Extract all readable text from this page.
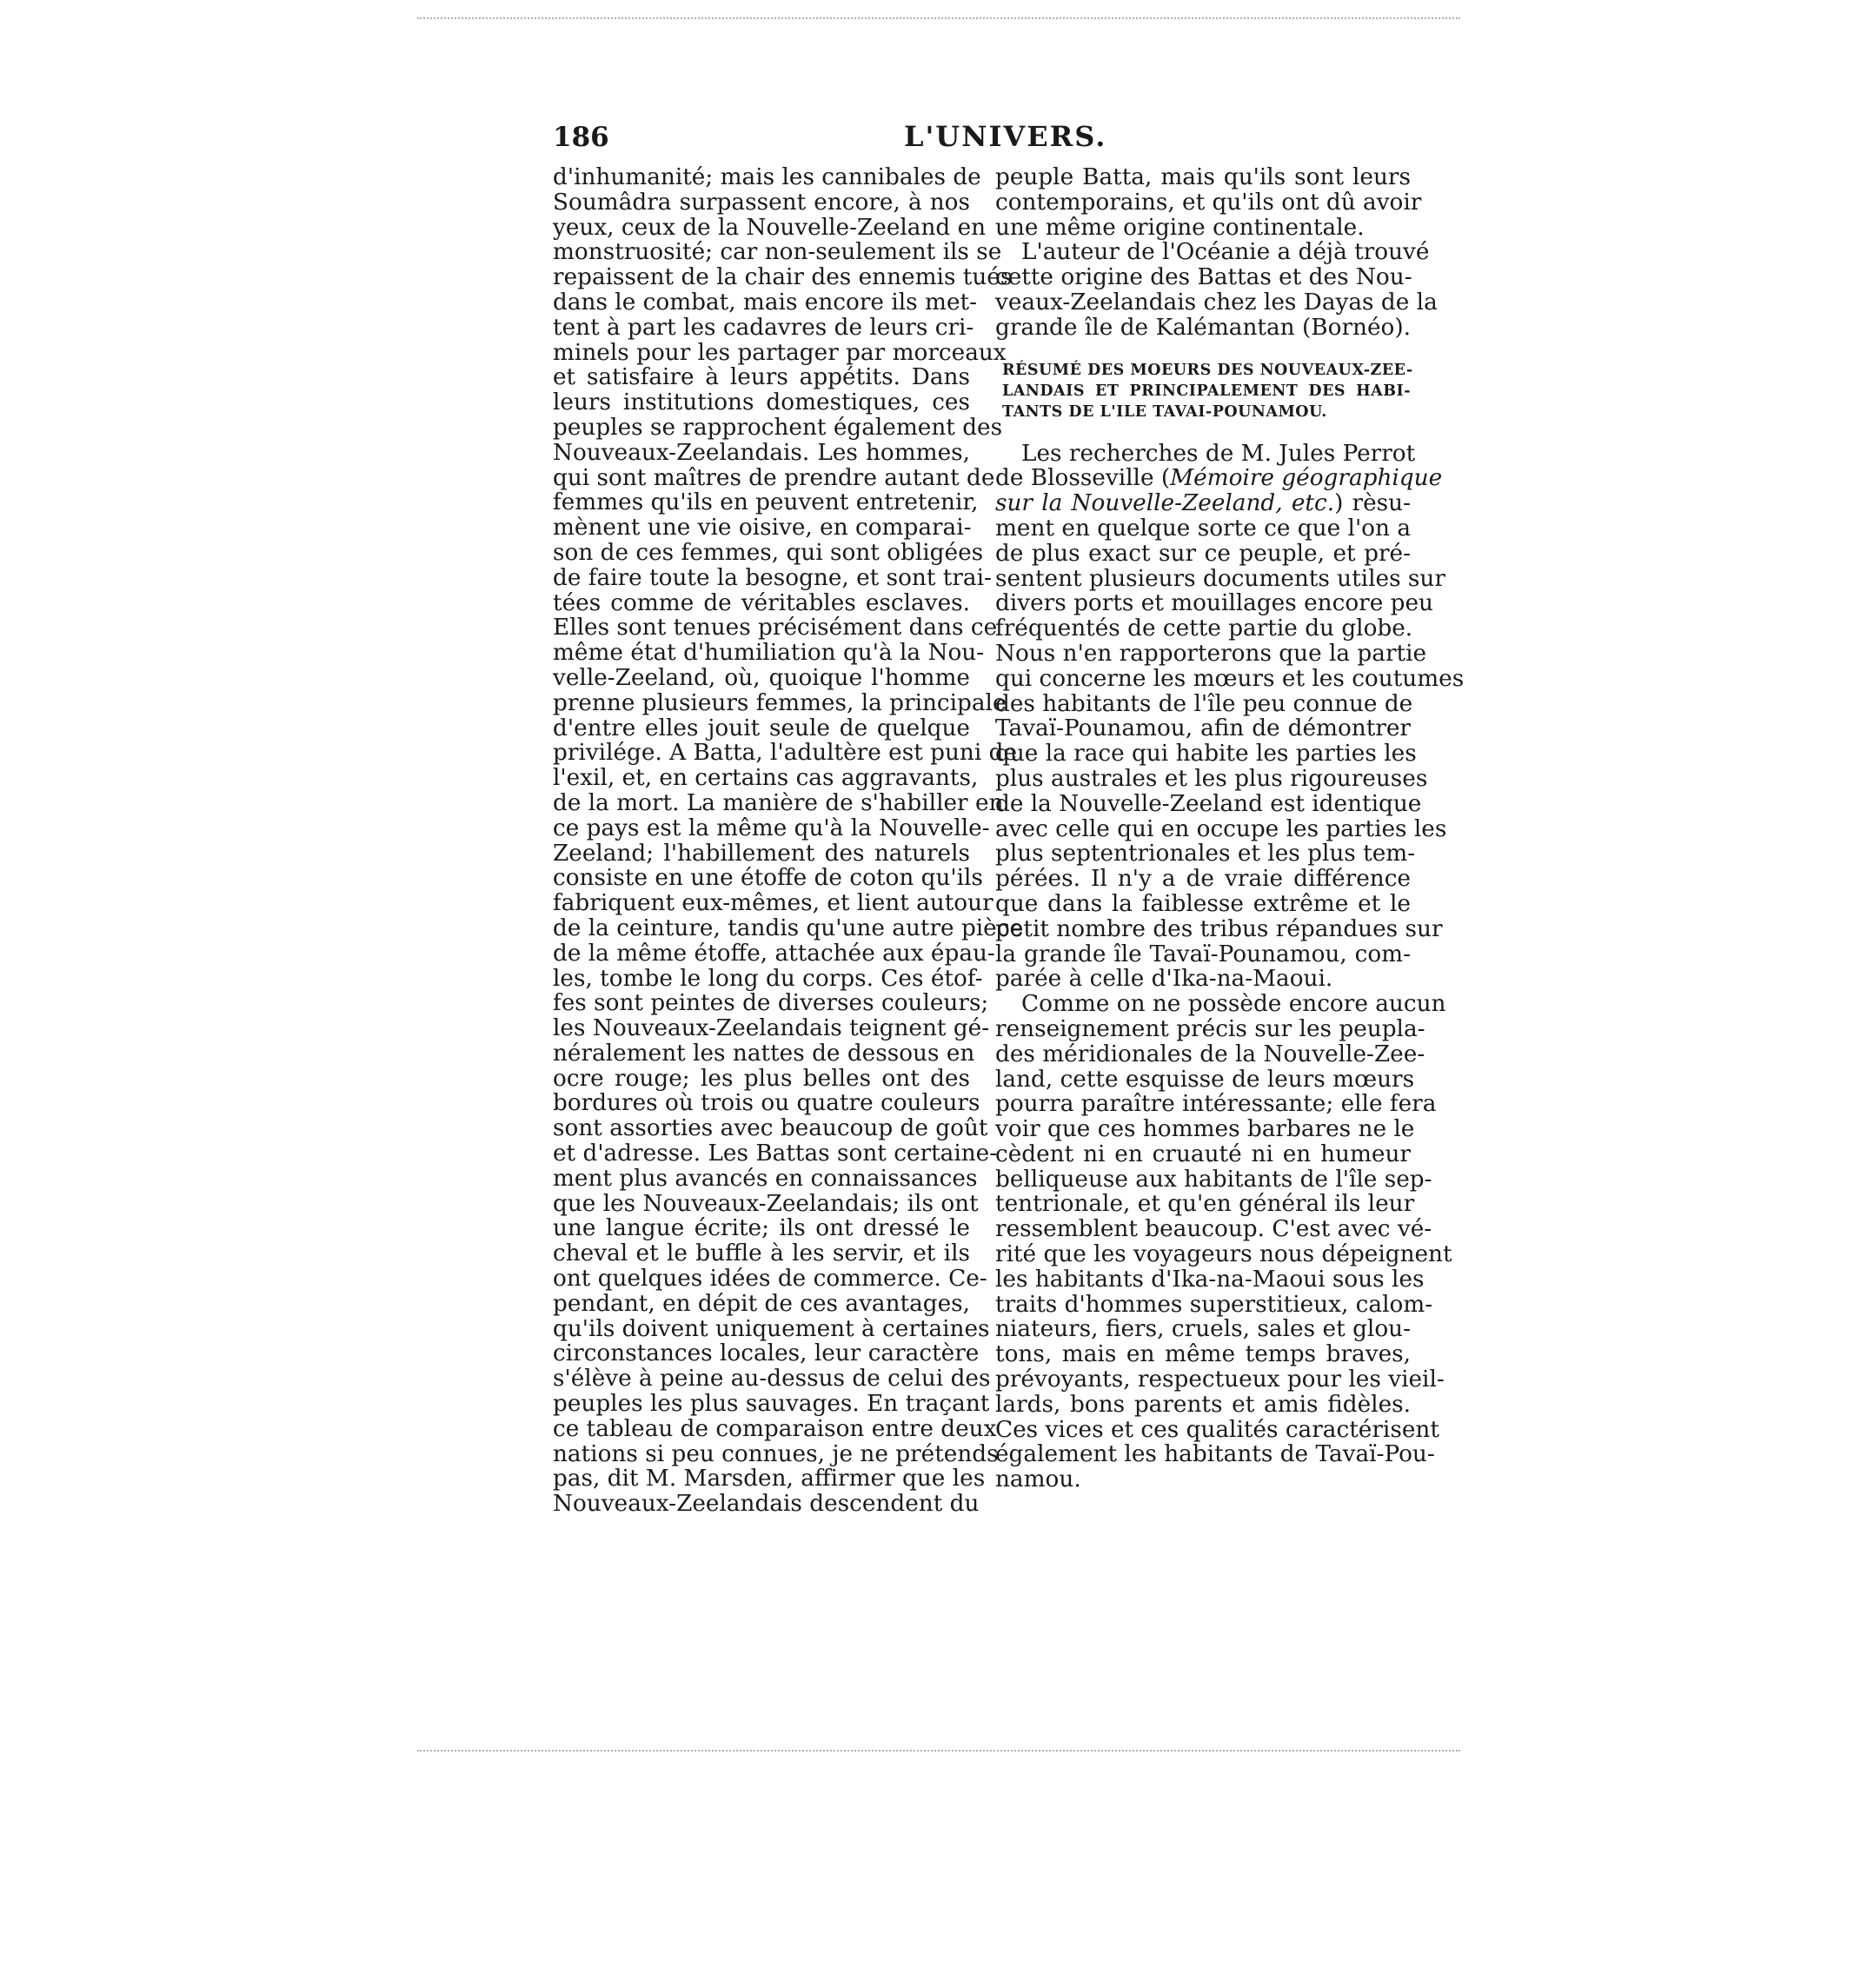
186	L'UNIVERS.
d'inhumanité; mais les cannibales de
Soumâdra surpassent encore, à nos
yeux, ceux de la Nouvelle-Zeeland en
monstruosité; car non-seulement ils se
repaissent de la chair des ennemis tués
dans le combat, mais encore ils met-
tent à part les cadavres de leurs cri-
minels pour les partager par morceaux
et satisfaire à leurs appétits. Dans
leurs institutions domestiques, ces
peuples se rapprochent également des
Nouveaux-Zeelandais. Les hommes,
qui sont maîtres de prendre autant de
femmes qu'ils en peuvent entretenir,
mènent une vie oisive, en comparai-
son de ces femmes, qui sont obligées
de faire toute la besogne, et sont trai-
tées comme de véritables esclaves.
Elles sont tenues précisément dans ce
même état d'humiliation qu'à la Nou-
velle-Zeeland, où, quoique l'homme
prenne plusieurs femmes, la principale
d'entre elles jouit seule de quelque
privilége. A Batta, l'adultère est puni de
l'exil, et, en certains cas aggravants,
de la mort. La manière de s'habiller en
ce pays est la même qu'à la Nouvelle-
Zeeland; l'habillement des naturels
consiste en une étoffe de coton qu'ils
fabriquent eux-mêmes, et lient autour
de la ceinture, tandis qu'une autre pièce
de la même étoffe, attachée aux épau-
les, tombe le long du corps. Ces étof-
fes sont peintes de diverses couleurs;
les Nouveaux-Zeelandais teignent gé-
néralement les nattes de dessous en
ocre rouge; les plus belles ont des
bordures où trois ou quatre couleurs
sont assorties avec beaucoup de goût
et d'adresse. Les Battas sont certaine-
ment plus avancés en connaissances
que les Nouveaux-Zeelandais; ils ont
une langue écrite; ils ont dressé le
cheval et le buffle à les servir, et ils
ont quelques idées de commerce. Ce-
pendant, en dépit de ces avantages,
qu'ils doivent uniquement à certaines
circonstances locales, leur caractère
s'élève à peine au-dessus de celui des
peuples les plus sauvages. En traçant
ce tableau de comparaison entre deux
nations si peu connues, je ne prétends
pas, dit M. Marsden, affirmer que les
Nouveaux-Zeelandais descendent du
peuple Batta, mais qu'ils sont leurs
contemporains, et qu'ils ont dû avoir
une même origine continentale.
L'auteur de l'Océanie a déjà trouvé
cette origine des Battas et des Nou-
veaux-Zeelandais chez les Dayas de la
grande île de Kalémantan (Bornéo).
RÉSUMÉ DES MOEURS DES NOUVEAUX-ZEE-
LANDAIS ET PRINCIPALEMENT DES HABI-
TANTS DE L'ILE TAVAI-POUNAMOU.
Les recherches de M. Jules Perrot
de Blosseville (Mémoire géographique
sur la Nouvelle-Zeeland, etc.) rèsu-
ment en quelque sorte ce que l'on a
de plus exact sur ce peuple, et pré-
sentent plusieurs documents utiles sur
divers ports et mouillages encore peu
fréquentés de cette partie du globe.
Nous n'en rapporterons que la partie
qui concerne les mœurs et les coutumes
des habitants de l'île peu connue de
Tavaï-Pounamou, afin de démontrer
que la race qui habite les parties les
plus australes et les plus rigoureuses
de la Nouvelle-Zeeland est identique
avec celle qui en occupe les parties les
plus septentrionales et les plus tem-
pérées. Il n'y a de vraie différence
que dans la faiblesse extrême et le
petit nombre des tribus répandues sur
la grande île Tavaï-Pounamou, com-
parée à celle d'Ika-na-Maoui.
Comme on ne possède encore aucun
renseignement précis sur les peupla-
des méridionales de la Nouvelle-Zee-
land, cette esquisse de leurs mœurs
pourra paraître intéressante; elle fera
voir que ces hommes barbares ne le
cèdent ni en cruauté ni en humeur
belliqueuse aux habitants de l'île sep-
tentrionale, et qu'en général ils leur
ressemblent beaucoup. C'est avec vé-
rité que les voyageurs nous dépeignent
les habitants d'Ika-na-Maoui sous les
traits d'hommes superstitieux, calom-
niateurs, fiers, cruels, sales et glou-
tons, mais en même temps braves,
prévoyants, respectueux pour les vieil-
lards, bons parents et amis fidèles.
Ces vices et ces qualités caractérisent
également les habitants de Tavaï-Pou-
namou.
